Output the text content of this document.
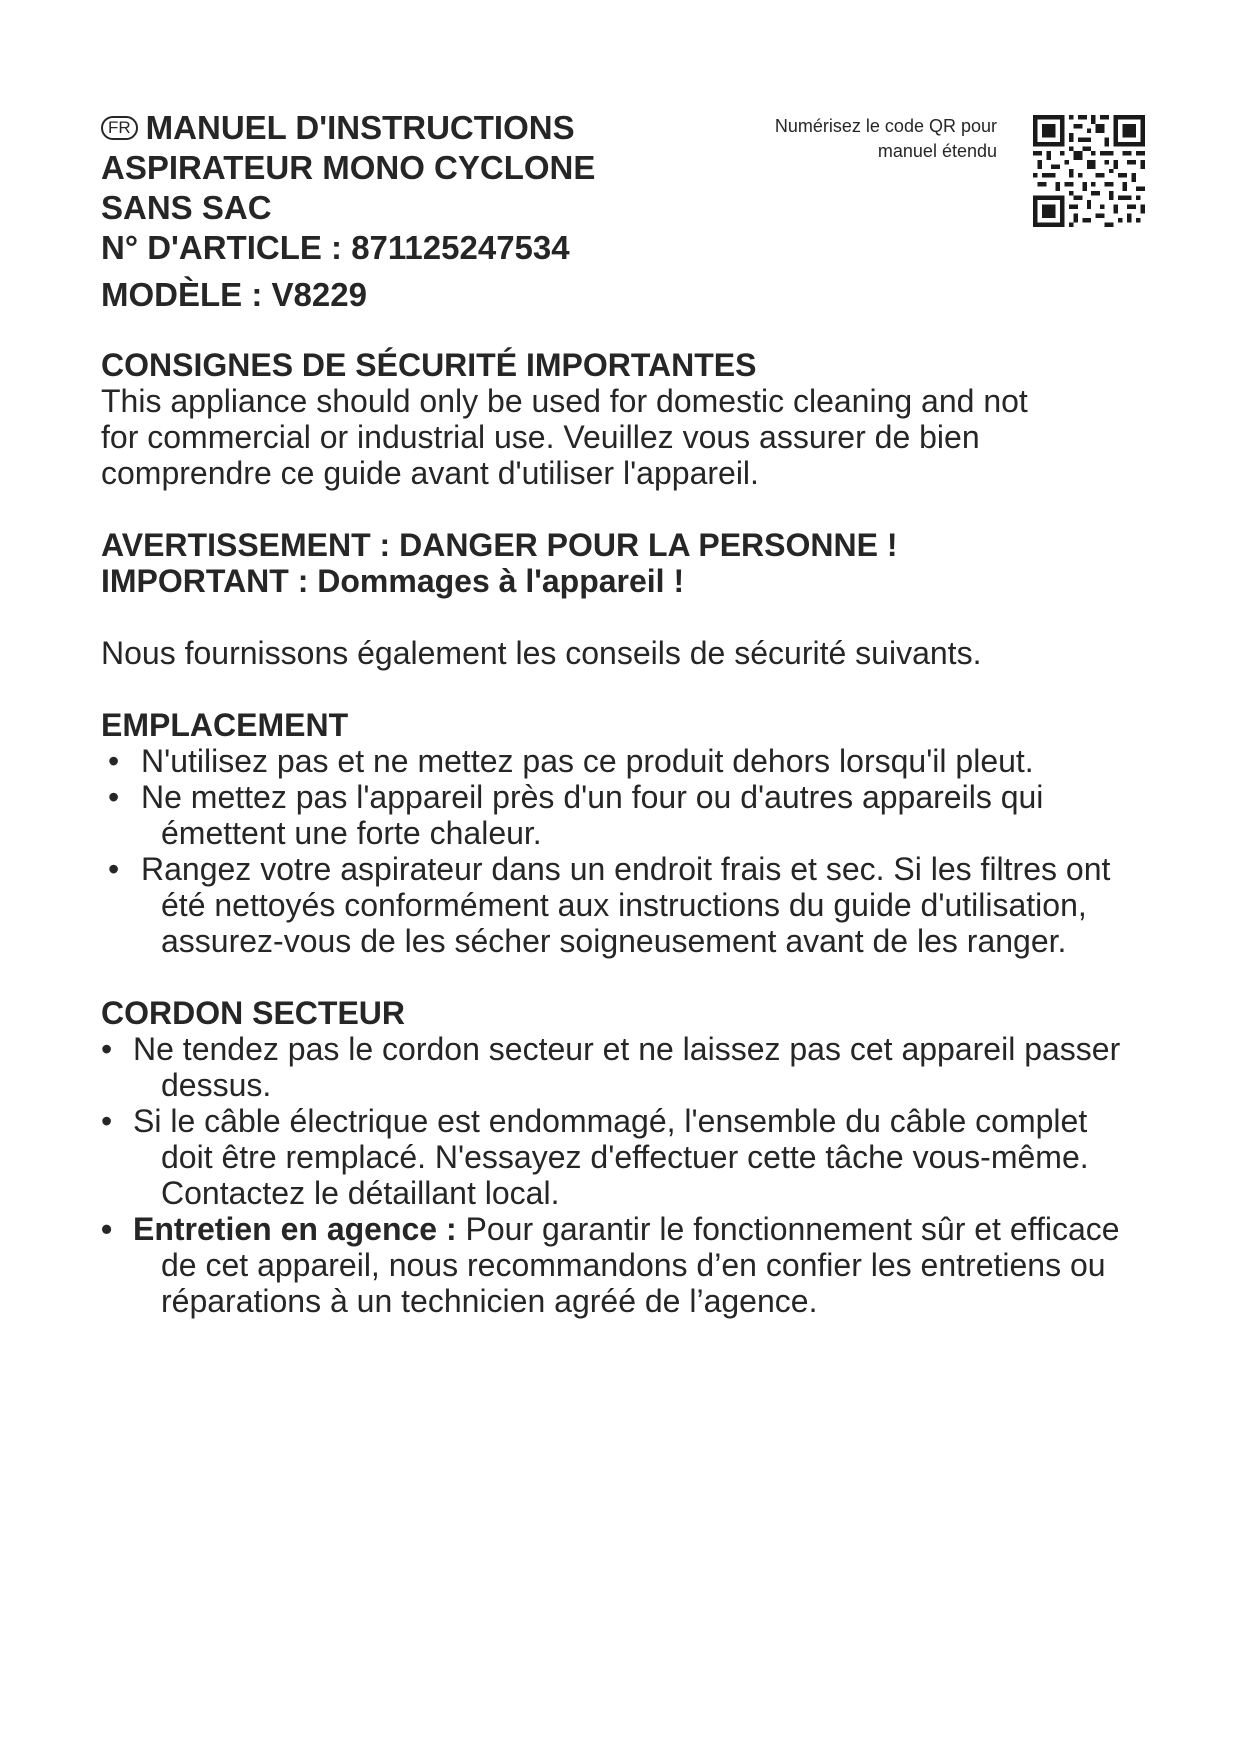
FR MANUEL D'INSTRUCTIONS
ASPIRATEUR MONO CYCLONE
SANS SAC
N° D'ARTICLE : 871125247534
MODÈLE : V8229
Numérisez le code QR pour
manuel étendu
CONSIGNES DE SÉCURITÉ IMPORTANTES

This appliance should only be used for domestic cleaning and not
for commercial or industrial use. Veuillez vous assurer de bien
comprendre ce guide avant d'utiliser l'appareil.

AVERTISSEMENT : DANGER POUR LA PERSONNE !
IMPORTANT : Dommages à l'appareil !

Nous fournissons également les conseils de sécurité suivants.

EMPLACEMENT
• N'utilisez pas et ne mettez pas ce produit dehors lorsqu'il pleut.
• Ne mettez pas l'appareil près d'un four ou d'autres appareils qui émettent une forte chaleur.
• Rangez votre aspirateur dans un endroit frais et sec. Si les filtres ont été nettoyés conformément aux instructions du guide d'utilisation, assurez-vous de les sécher soigneusement avant de les ranger.
CORDON SECTEUR
• Ne tendez pas le cordon secteur et ne laissez pas cet appareil passer dessus.
• Si le câble électrique est endommagé, l'ensemble du câble complet doit être remplacé. N'essayez d'effectuer cette tâche vous-même. Contactez le détaillant local.
• Entretien en agence : Pour garantir le fonctionnement sûr et efficace de cet appareil, nous recommandons d’en confier les entretiens ou réparations à un technicien agréé de l’agence.
